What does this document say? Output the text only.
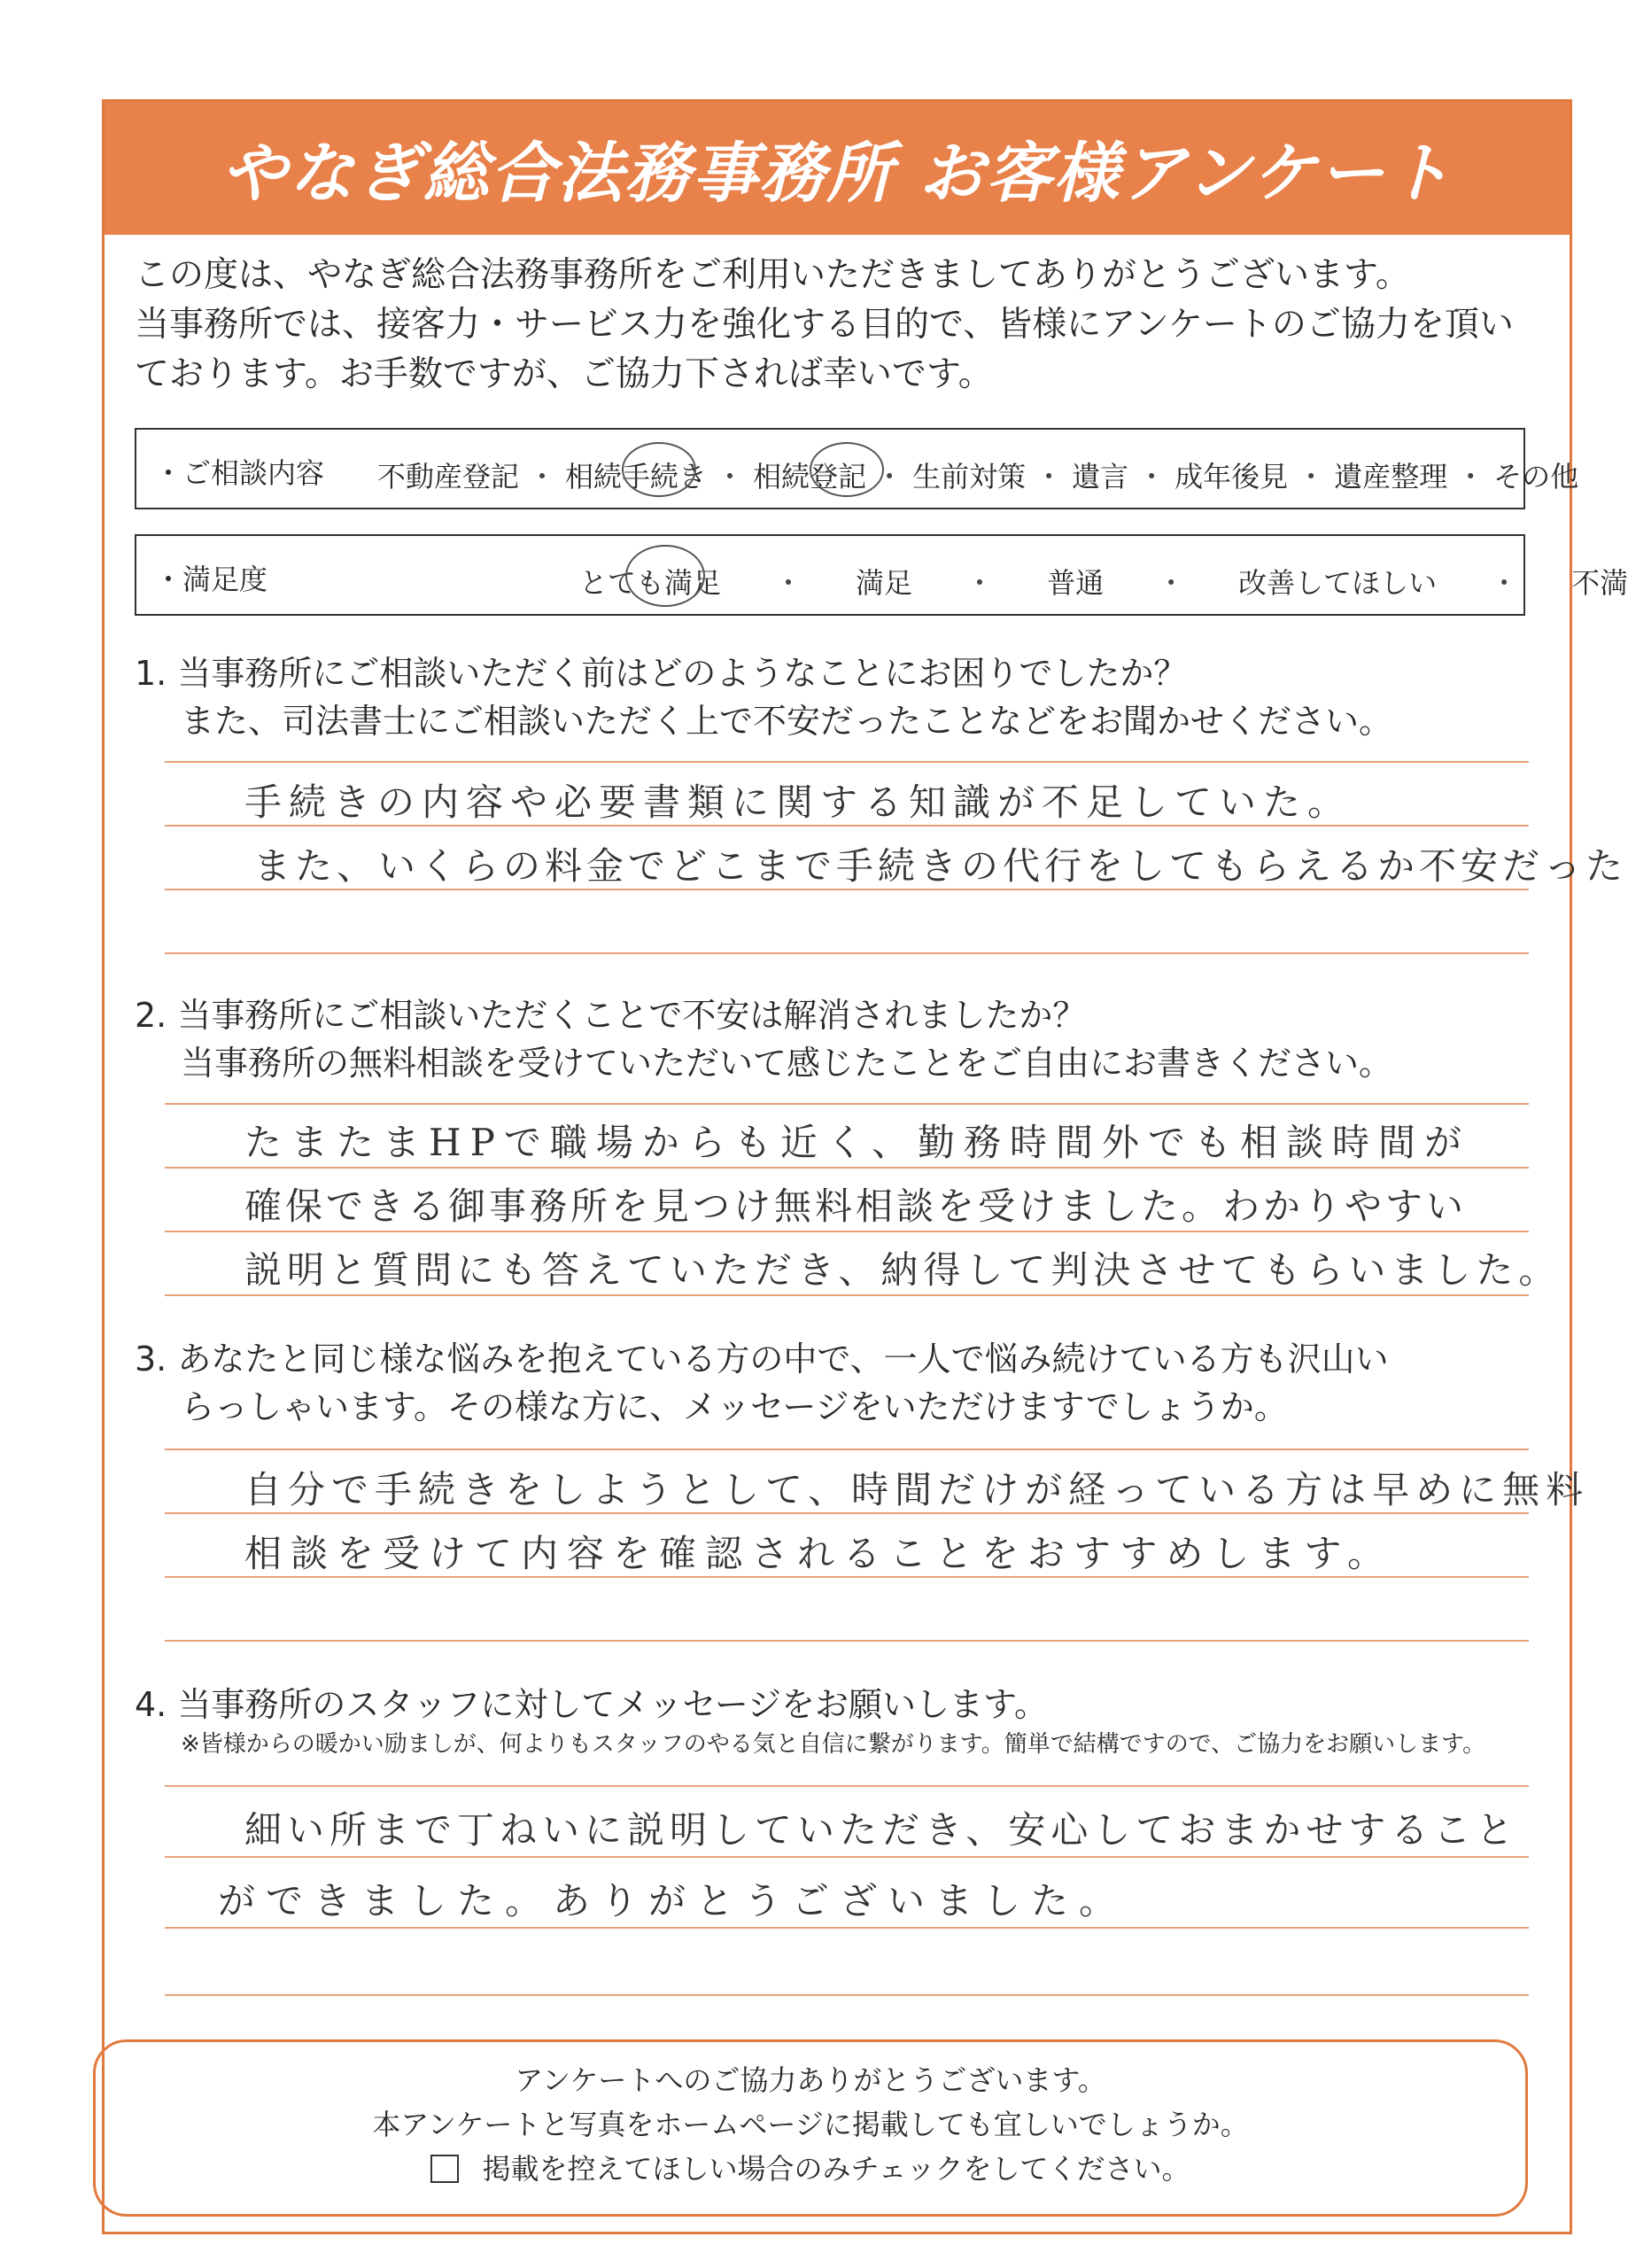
やなぎ総合法務事務所 お客様アンケート
この度は、やなぎ総合法務事務所をご利用いただきましてありがとうございます。
当事務所では、接客力・サービス力を強化する目的で、皆様にアンケートのご協力を頂い
ております。お手数ですが、ご協力下されば幸いです。
・ご相談内容 不動産登記 ・ 相続手続き ・ 相続登記 ・ 生前対策 ・ 遺言 ・ 成年後見 ・ 遺産整理 ・ その他
・満足度	とても満足 ・ 満足 ・ 普通 ・ 改善してほしい ・ 不満
1. 当事務所にご相談いただく前はどのようなことにお困りでしたか？
また、司法書士にご相談いただく上で不安だったことなどをお聞かせください。
手続きの内容や必要書類に関する知識が不足していた。
また、いくらの料金でどこまで手続きの代行をしてもらえるか不安だった
2. 当事務所にご相談いただくことで不安は解消されましたか？
当事務所の無料相談を受けていただいて感じたことをご自由にお書きください。
たまたまHPで職場からも近く、勤務時間外でも相談時間が
確保できる御事務所を見つけ無料相談を受けました。わかりやすい
説明と質問にも答えていただき、納得して判決させてもらいました。
3. あなたと同じ様な悩みを抱えている方の中で、一人で悩み続けている方も沢山い
らっしゃいます。その様な方に、メッセージをいただけますでしょうか。
自分で手続きをしようとして、時間だけが経っている方は早めに無料
相談を受けて内容を確認されることをおすすめします。
4. 当事務所のスタッフに対してメッセージをお願いします。
※皆様からの暖かい励ましが、何よりもスタッフのやる気と自信に繋がります。簡単で結構ですので、ご協力をお願いします。
細い所まで丁ねいに説明していただき、安心しておまかせすること
ができました。ありがとうございました。
アンケートへのご協力ありがとうございます。
本アンケートと写真をホームページに掲載しても宜しいでしょうか。
掲載を控えてほしい場合のみチェックをしてください。
